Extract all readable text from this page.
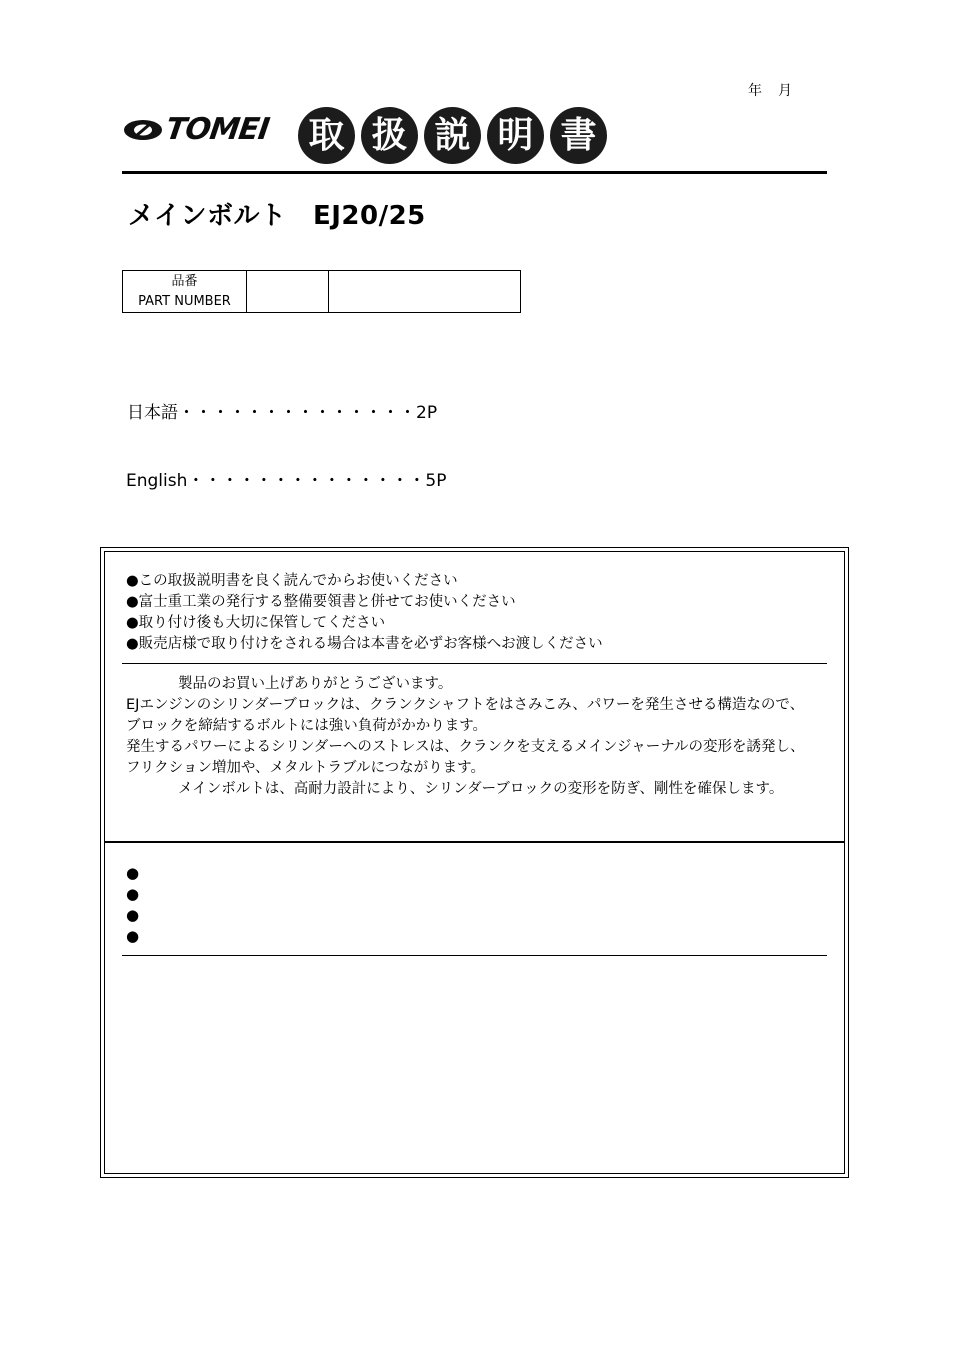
年　月
TOMEI 取 扱 説 明 書
メインボルト　EJ20/25
品番
PART NUMBER
日本語・・・・・・・・・・・・・・2P
English・・・・・・・・・・・・・・5P
●この取扱説明書を良く読んでからお使いください
●富士重工業の発行する整備要領書と併せてお使いください
●取り付け後も大切に保管してください
●販売店様で取り付けをされる場合は本書を必ずお客様へお渡しください
製品のお買い上げありがとうございます。
EJエンジンのシリンダーブロックは、クランクシャフトをはさみこみ、パワーを発生させる構造なので、
ブロックを締結するボルトには強い負荷がかかります。
発生するパワーによるシリンダーへのストレスは、クランクを支えるメインジャーナルの変形を誘発し、
フリクション増加や、メタルトラブルにつながります。
メインボルトは、高耐力設計により、シリンダーブロックの変形を防ぎ、剛性を確保します。
●
●
●
●
